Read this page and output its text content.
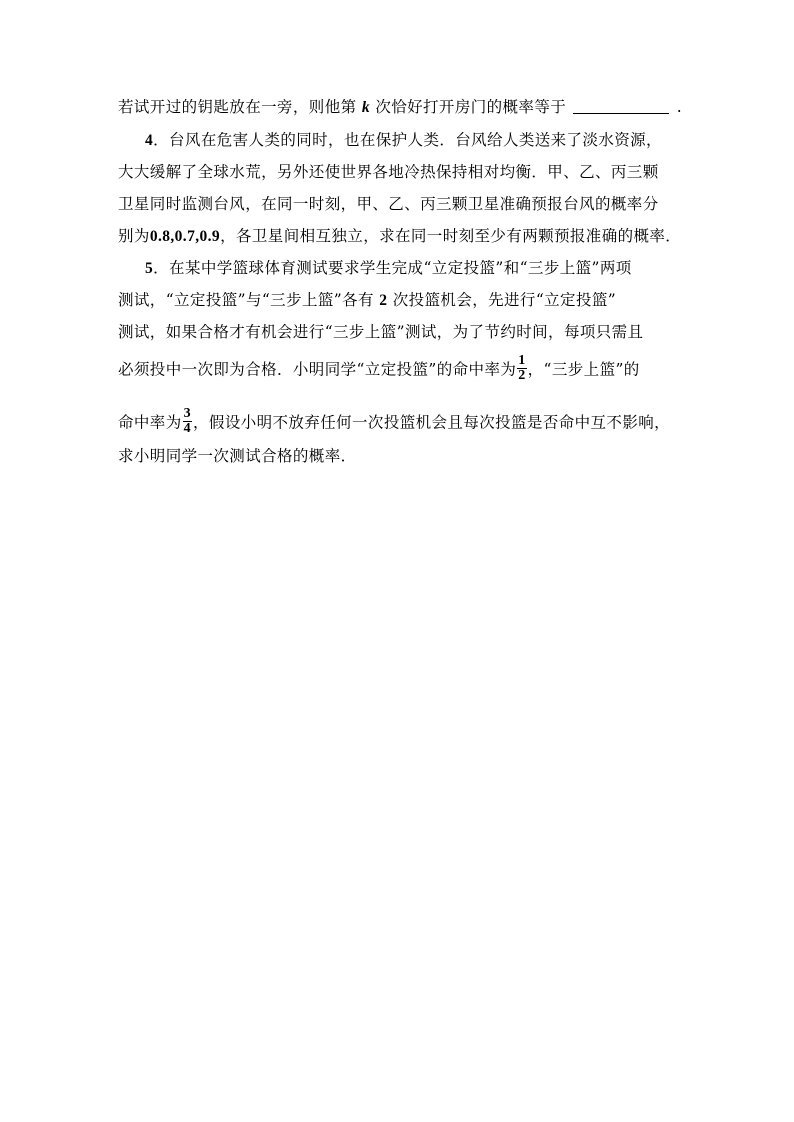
若试开过的钥匙放在一旁，则他第 k 次恰好打开房门的概率等于	.
4．台风在危害人类的同时，也在保护人类．台风给人类送来了淡水资源，
大大缓解了全球水荒，另外还使世界各地冷热保持相对均衡．甲、乙、丙三颗
卫星同时监测台风，在同一时刻，甲、乙、丙三颗卫星准确预报台风的概率分
别为0.8,0.7,0.9，各卫星间相互独立，求在同一时刻至少有两颗预报准确的概率．
5．在某中学篮球体育测试要求学生完成“立定投篮”和“三步上篮”两项
测试，“立定投篮”与“三步上篮”各有 2 次投篮机会，先进行“立定投篮”
测试，如果合格才有机会进行“三步上篮”测试，为了节约时间，每项只需且
必须投中一次即为合格．小明同学“立定投篮”的命中率为 $\frac{1}{2}$ ，“三步上篮”的
命中率为 $\frac{3}{4}$ ，假设小明不放弃任何一次投篮机会且每次投篮是否命中互不影响，
求小明同学一次测试合格的概率．
